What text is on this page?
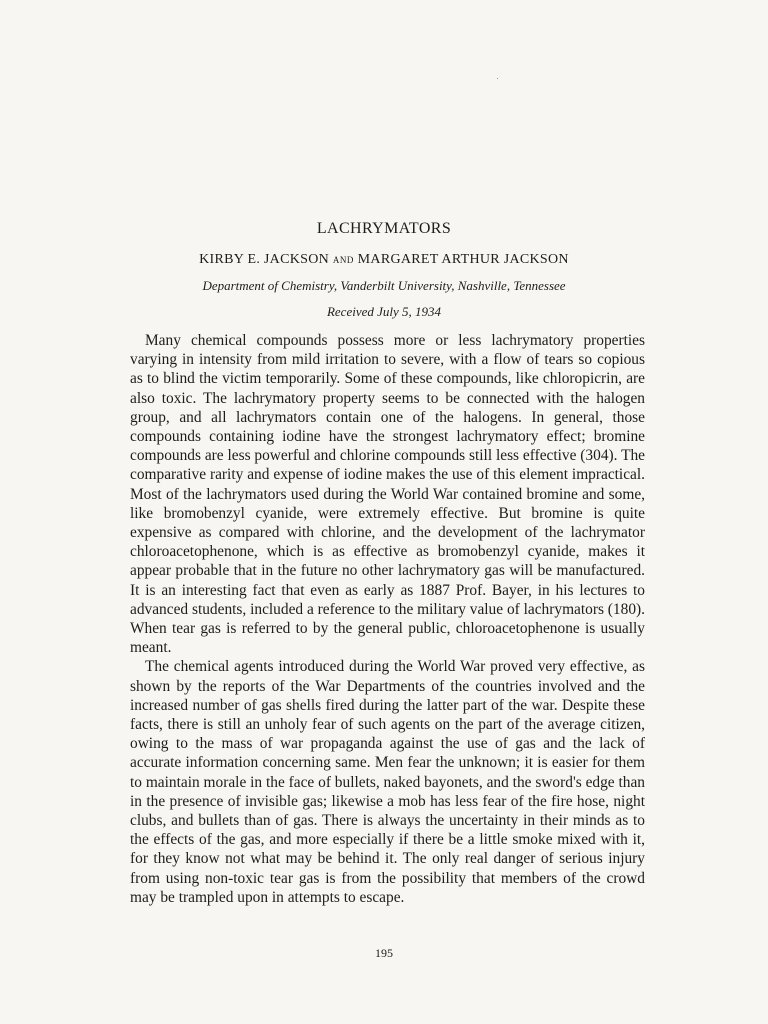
LACHRYMATORS
KIRBY E. JACKSON AND MARGARET ARTHUR JACKSON
Department of Chemistry, Vanderbilt University, Nashville, Tennessee
Received July 5, 1934

Many chemical compounds possess more or less lachrymatory properties varying in intensity from mild irritation to severe, with a flow of tears so copious as to blind the victim temporarily. Some of these compounds, like chloropicrin, are also toxic. The lachrymatory property seems to be connected with the halogen group, and all lachrymators contain one of the halogens. In general, those compounds containing iodine have the strongest lachrymatory effect; bromine compounds are less powerful and chlorine compounds still less effective (304). The comparative rarity and expense of iodine makes the use of this element impractical. Most of the lachrymators used during the World War contained bromine and some, like bromobenzyl cyanide, were extremely effective. But bromine is quite expensive as compared with chlorine, and the development of the lachrymator chloroacetophenone, which is as effective as bromobenzyl cyanide, makes it appear probable that in the future no other lachrymatory gas will be manufactured. It is an interesting fact that even as early as 1887 Prof. Bayer, in his lectures to advanced students, included a reference to the military value of lachrymators (180). When tear gas is referred to by the general public, chloroacetophenone is usually meant.

The chemical agents introduced during the World War proved very effective, as shown by the reports of the War Departments of the countries involved and the increased number of gas shells fired during the latter part of the war. Despite these facts, there is still an unholy fear of such agents on the part of the average citizen, owing to the mass of war propaganda against the use of gas and the lack of accurate information concerning same. Men fear the unknown; it is easier for them to maintain morale in the face of bullets, naked bayonets, and the sword's edge than in the presence of invisible gas; likewise a mob has less fear of the fire hose, night clubs, and bullets than of gas. There is always the uncertainty in their minds as to the effects of the gas, and more especially if there be a little smoke mixed with it, for they know not what may be behind it. The only real danger of serious injury from using non-toxic tear gas is from the possibility that members of the crowd may be trampled upon in attempts to escape.

195
